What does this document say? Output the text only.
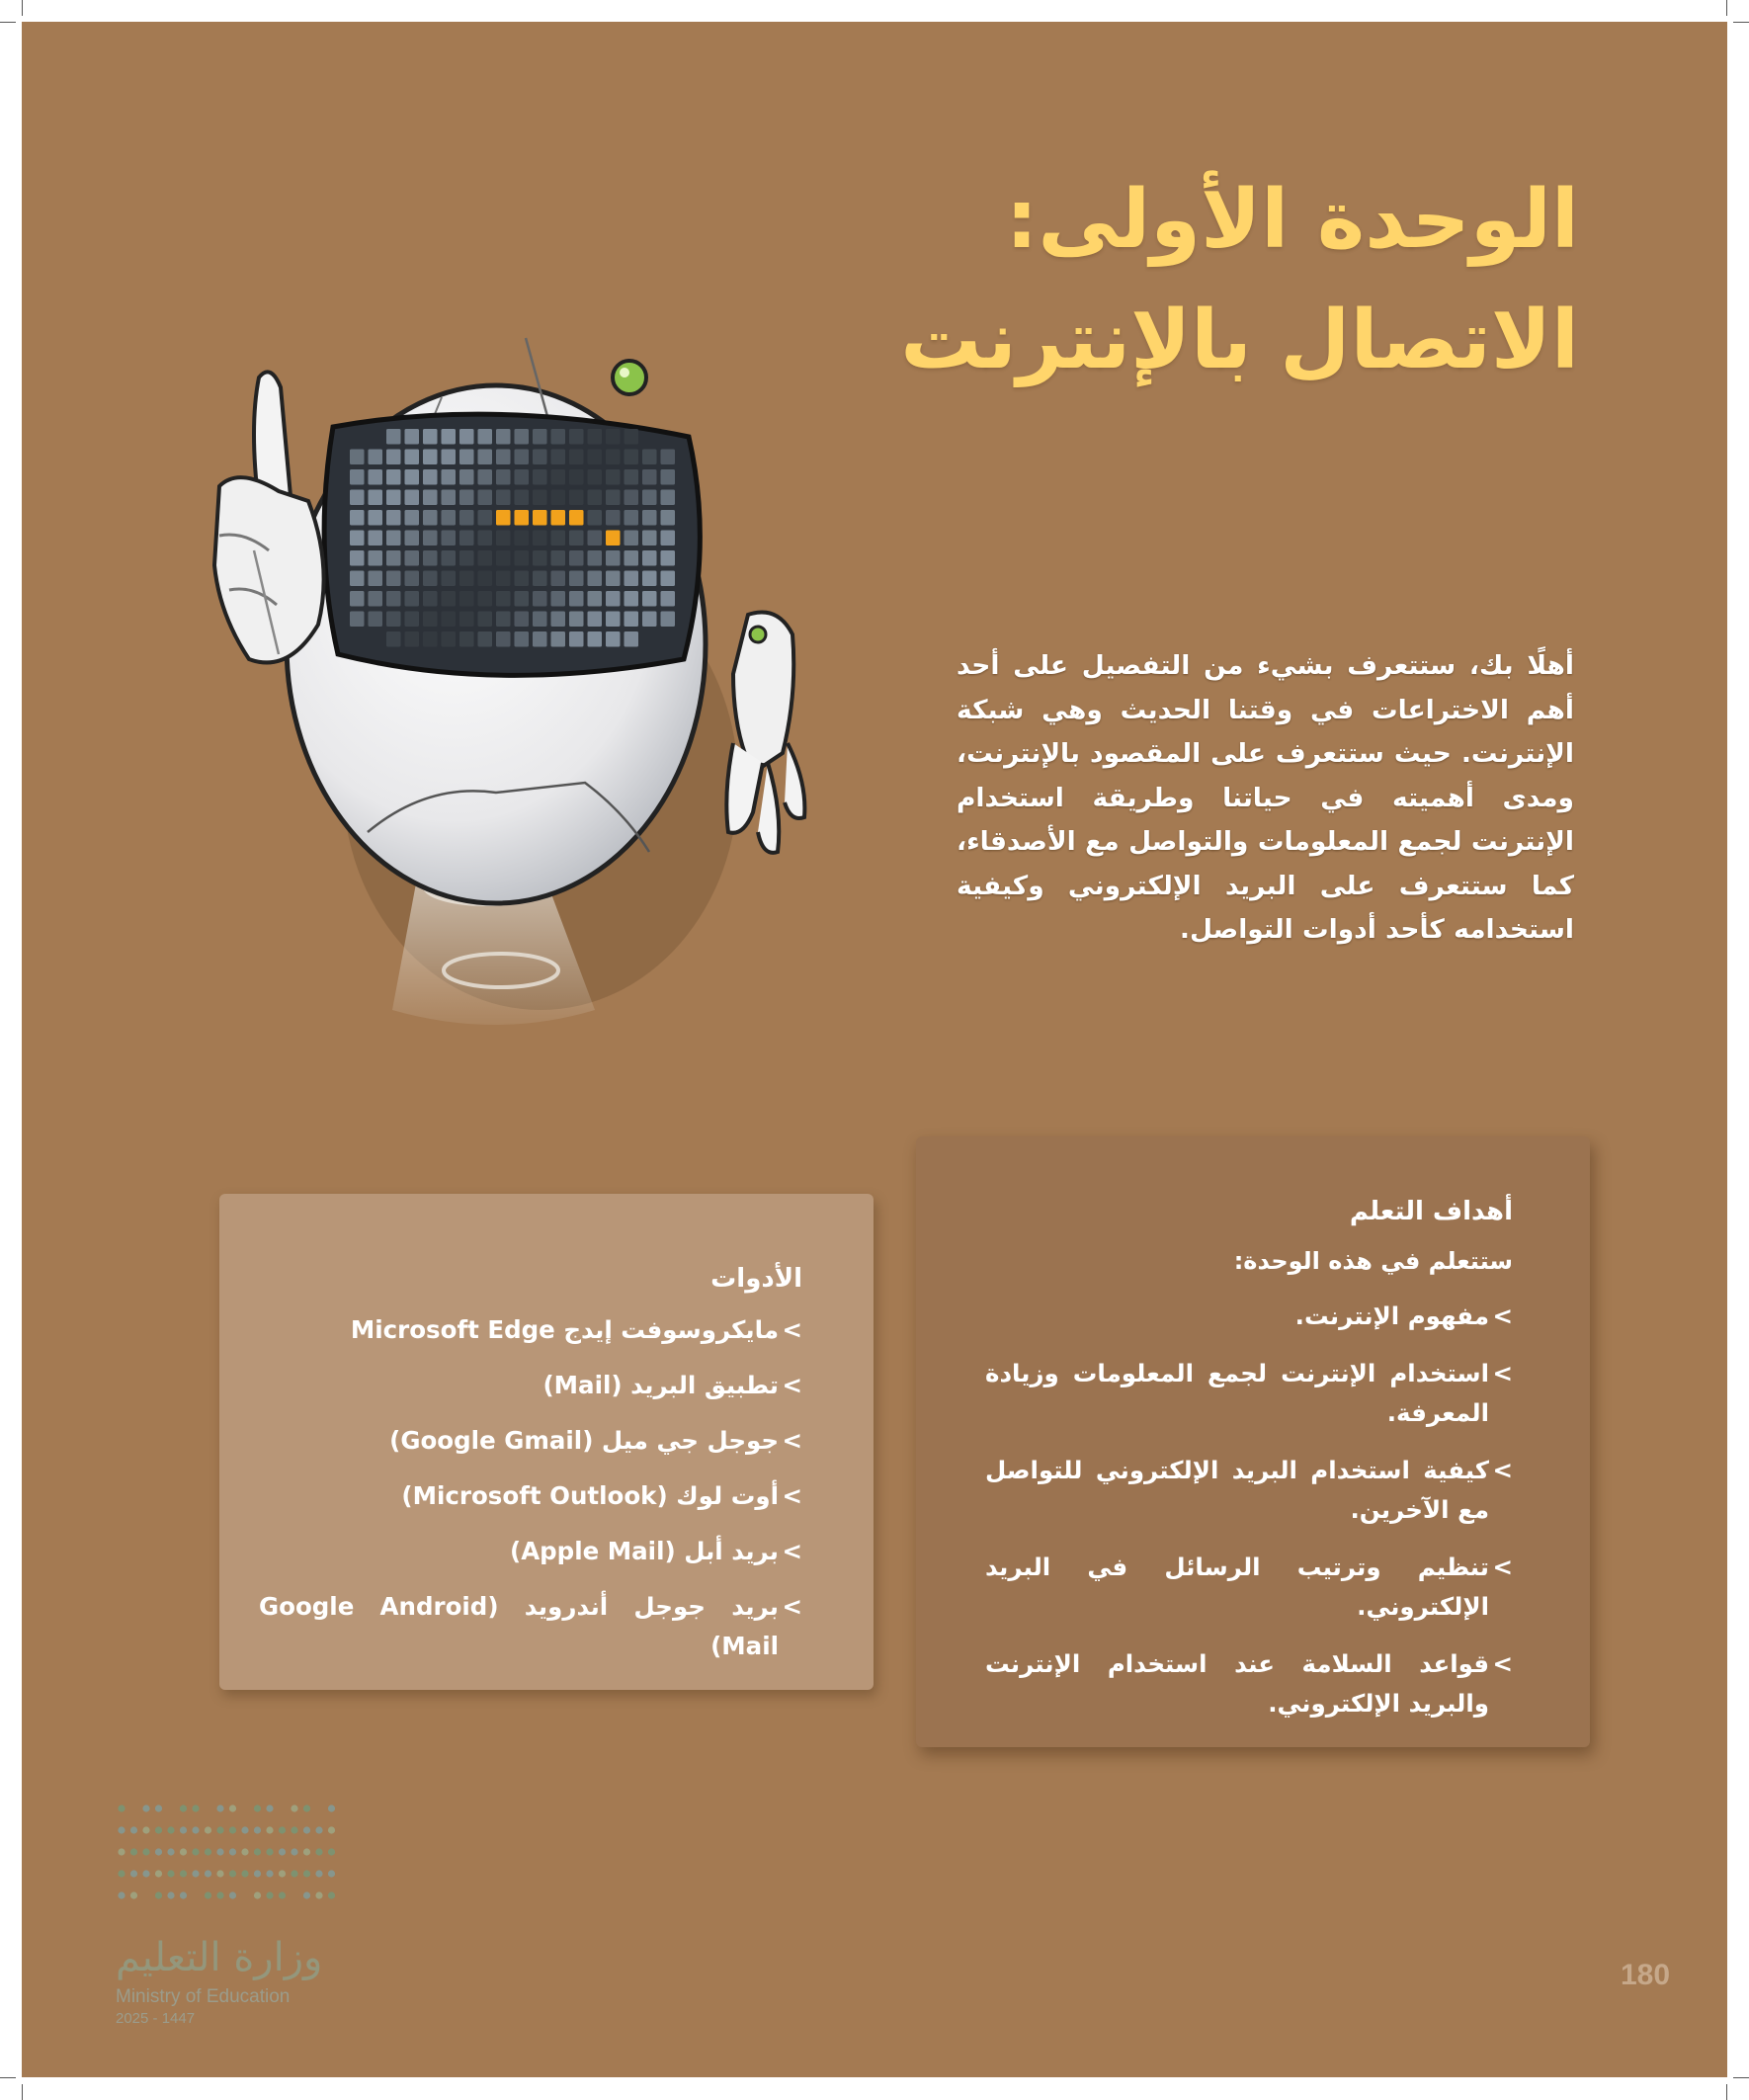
الوحدة الأولى:
الاتصال بالإنترنت

أهلًا بك، ستتعرف بشيء من التفصيل على أحد أهم الاختراعات في وقتنا الحديث وهي شبكة الإنترنت. حيث ستتعرف على المقصود بالإنترنت، ومدى أهميته في حياتنا وطريقة استخدام الإنترنت لجمع المعلومات والتواصل مع الأصدقاء، كما ستتعرف على البريد الإلكتروني وكيفية استخدامه كأحد أدوات التواصل.

أهداف التعلم

ستتعلم في هذه الوحدة:

>
مفهوم الإنترنت.
>
استخدام الإنترنت لجمع المعلومات وزيادة المعرفة.
>
كيفية استخدام البريد الإلكتروني للتواصل مع الآخرين.
>
تنظيم وترتيب الرسائل في البريد الإلكتروني.
>
قواعد السلامة عند استخدام الإنترنت والبريد الإلكتروني.
الأدوات
>
مايكروسوفت إيدج Microsoft Edge
>
تطبيق البريد (Mail)
>
جوجل جي ميل (Google Gmail)
>
أوت لوك (Microsoft Outlook)
>
بريد أبل (Apple Mail)
>
بريد جوجل أندرويد (Google Android Mail)
وزارة التعليم
Ministry of Education
2025 - 1447
180
